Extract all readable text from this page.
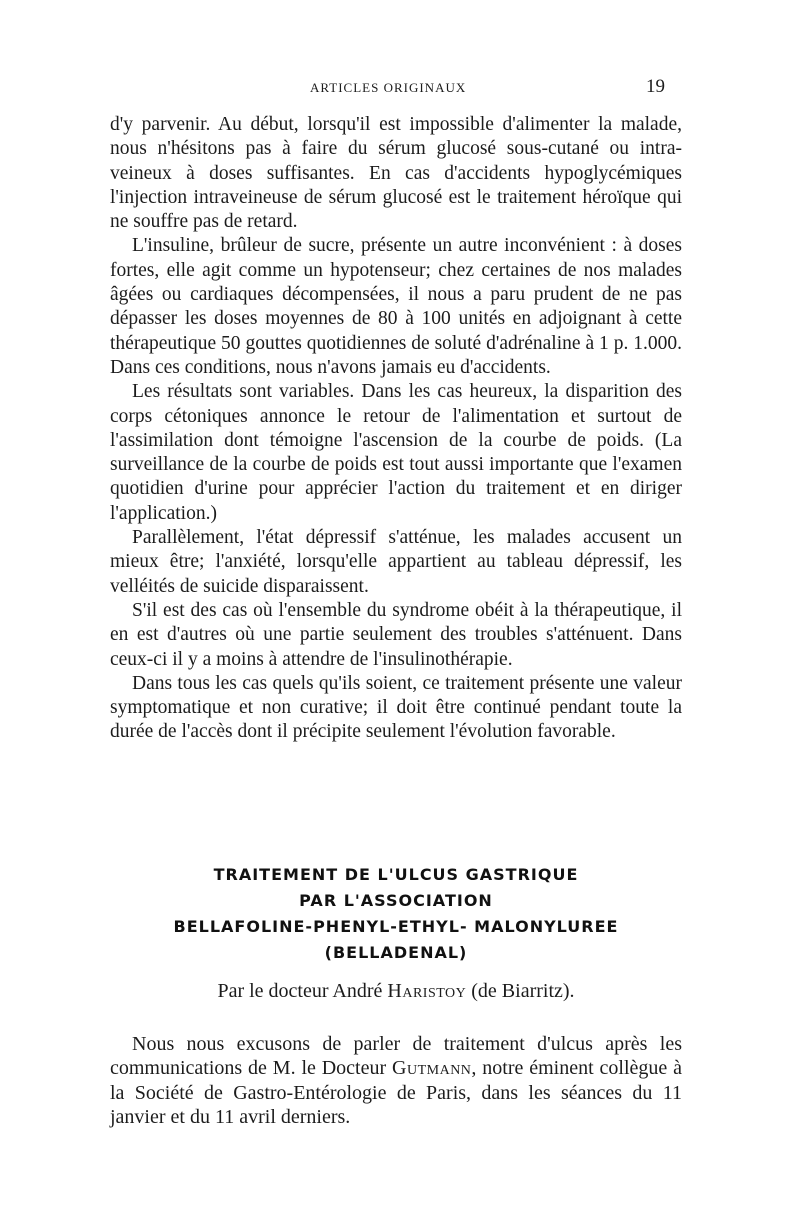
ARTICLES ORIGINAUX	19

d'y parvenir. Au début, lorsqu'il est impossible d'alimenter la malade, nous n'hésitons pas à faire du sérum glucosé sous-cutané ou intra-veineux à doses suffisantes. En cas d'accidents hypoglycémiques l'injection intraveineuse de sérum glucosé est le traitement héroïque qui ne souffre pas de retard.

L'insuline, brûleur de sucre, présente un autre inconvénient : à doses fortes, elle agit comme un hypotenseur; chez certaines de nos malades âgées ou cardiaques décompensées, il nous a paru prudent de ne pas dépasser les doses moyennes de 80 à 100 unités en adjoignant à cette thérapeutique 50 gouttes quotidiennes de soluté d'adrénaline à 1 p. 1.000. Dans ces conditions, nous n'avons jamais eu d'accidents.

Les résultats sont variables. Dans les cas heureux, la disparition des corps cétoniques annonce le retour de l'alimentation et surtout de l'assimilation dont témoigne l'ascension de la courbe de poids. (La surveillance de la courbe de poids est tout aussi importante que l'examen quotidien d'urine pour apprécier l'action du traitement et en diriger l'application.)

Parallèlement, l'état dépressif s'atténue, les malades accusent un mieux être; l'anxiété, lorsqu'elle appartient au tableau dépressif, les velléités de suicide disparaissent.

S'il est des cas où l'ensemble du syndrome obéit à la thérapeutique, il en est d'autres où une partie seulement des troubles s'atténuent. Dans ceux-ci il y a moins à attendre de l'insulinothérapie.

Dans tous les cas quels qu'ils soient, ce traitement présente une valeur symptomatique et non curative; il doit être continué pendant toute la durée de l'accès dont il précipite seulement l'évolution favorable.

TRAITEMENT DE L'ULCUS GASTRIQUE
PAR L'ASSOCIATION
BELLAFOLINE-PHENYL-ETHYL- MALONYLUREE
(BELLADENAL)
Par le docteur André Haristoy (de Biarritz).

Nous nous excusons de parler de traitement d'ulcus après les communications de M. le Docteur Gutmann, notre éminent collègue à la Société de Gastro-Entérologie de Paris, dans les séances du 11 janvier et du 11 avril derniers.
